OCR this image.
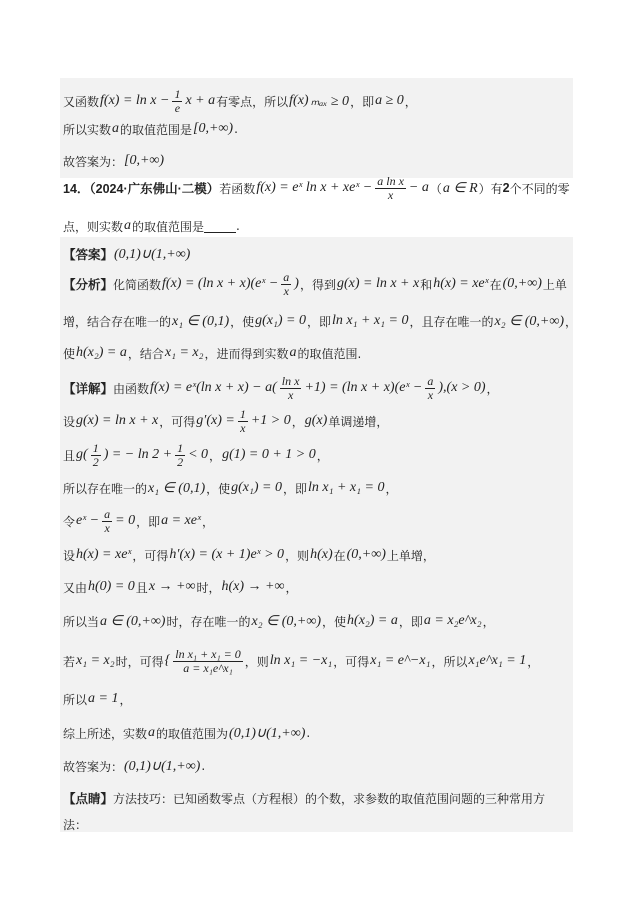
又函数 $f(x) = \ln x - \frac{1}{e}$ x + a 有零点，所以 f(x) ₘₐₓ ≥ 0 ，即 a ≥ 0 ，
所以实数 a 的取值范围是 [0,+∞) .
故答案为： [0,+∞)
14．（2024·广东佛山·二模） 若函数 f(x) = eˣ ln x + xeˣ − $\frac{\text{a ln x}}{x} - a$ （ a ∈ R ）有 2 个不同的零
点，则实数 a 的取值范围是	.
【答案】 (0,1)∪(1,+∞)
【分析】 化简函数 f(x) = (ln x + x)(eˣ − $\frac{a}{x}$ ) ，得到 g(x) = ln x + x 和 h(x) = xeˣ 在 (0,+∞) 上单
增，结合存在唯一的 x₁ ∈ (0,1) ，使 g(x₁) = 0 ，即 ln x₁ + x₁ = 0 ，且存在唯一的 x₂ ∈ (0,+∞) ，
使 h(x₂) = a ，结合 x₁ = x₂ ，进而得到实数 a 的取值范围.
【详解】 由函数 f(x) = eˣ(ln $x + x) - a( \frac{\text{ln x}}{x} +1) = (\ln$ x + x)(eˣ − $\frac{a}{x} ),(x > 0)$ ，
设 g(x) = ln x + x ，可得 $g'(x) = \frac{1}{x} +1 > 0$ ， g(x) 单调递增，
且 $g( \frac{1}{2}$ ) = − $\ln 2 + \frac{1}{2} < 0$ ， g(1) = 0 + 1 > 0 ，
所以存在唯一的 x₁ ∈ (0,1) ，使 g(x₁) = 0 ，即 ln x₁ + x₁ = 0 ，
令 eˣ − $\frac{a}{x} = 0$ ，即 a = xeˣ ，
设 h(x) = xeˣ ，可得 h′(x) = (x + 1)eˣ > 0 ，则 h(x) 在 (0,+∞) 上单增，
又由 h(0) = 0 且 x → +∞ 时， h(x) → +∞ ，
所以当 a ∈ (0,+∞) 时，存在唯一的 x₂ ∈ (0,+∞) ，使 h(x₂) = a ，即 a = x₂e^x₂ ，
若 x₁ = x₂ 时，可得 { $\frac{\text{ln x₁ + x₁ = 0}}{\text{a = x₁e\textasciicircum{}x₁}}$ ，则 ln x₁ = −x₁ ，可得 x₁ = e^−x₁ ，所以 x₁e^x₁ = 1 ，
所以 a = 1 ，
综上所述，实数 a 的取值范围为 (0,1)∪(1,+∞) .
故答案为： (0,1)∪(1,+∞) .
【点睛】 方法技巧：已知函数零点（方程根）的个数，求参数的取值范围问题的三种常用方
法：
